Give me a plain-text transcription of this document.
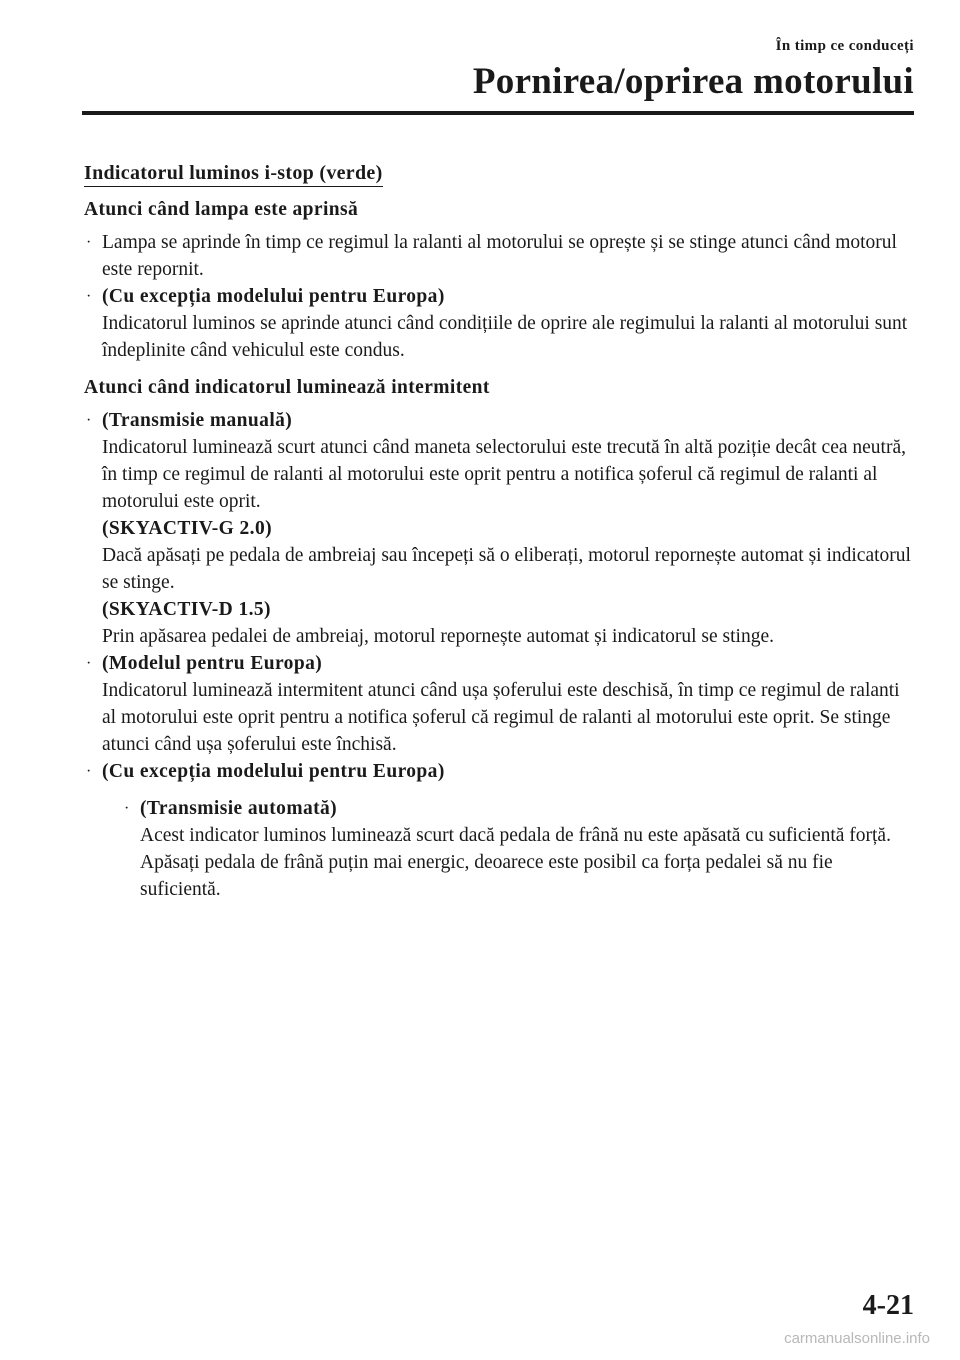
În timp ce conduceți
Pornirea/oprirea motorului
Indicatorul luminos i-stop (verde)
Atunci când lampa este aprinsă
· Lampa se aprinde în timp ce regimul la ralanti al motorului se oprește și se stinge atunci când motorul este repornit.
· (Cu excepția modelului pentru Europa)
Indicatorul luminos se aprinde atunci când condițiile de oprire ale regimului la ralanti al motorului sunt îndeplinite când vehiculul este condus.
Atunci când indicatorul luminează intermitent
· (Transmisie manuală)
Indicatorul luminează scurt atunci când maneta selectorului este trecută în altă poziție decât cea neutră, în timp ce regimul de ralanti al motorului este oprit pentru a notifica șoferul că regimul de ralanti al motorului este oprit.
(SKYACTIV-G 2.0)
Dacă apăsați pe pedala de ambreiaj sau începeți să o eliberați, motorul repornește automat și indicatorul se stinge.
(SKYACTIV-D 1.5)
Prin apăsarea pedalei de ambreiaj, motorul repornește automat și indicatorul se stinge.
· (Modelul pentru Europa)
Indicatorul luminează intermitent atunci când ușa șoferului este deschisă, în timp ce regimul de ralanti al motorului este oprit pentru a notifica șoferul că regimul de ralanti al motorului este oprit. Se stinge atunci când ușa șoferului este închisă.
· (Cu excepția modelului pentru Europa)
· (Transmisie automată)
Acest indicator luminos luminează scurt dacă pedala de frână nu este apăsată cu suficientă forță. Apăsați pedala de frână puțin mai energic, deoarece este posibil ca forța pedalei să nu fie suficientă.
4-21
carmanualsonline.info
